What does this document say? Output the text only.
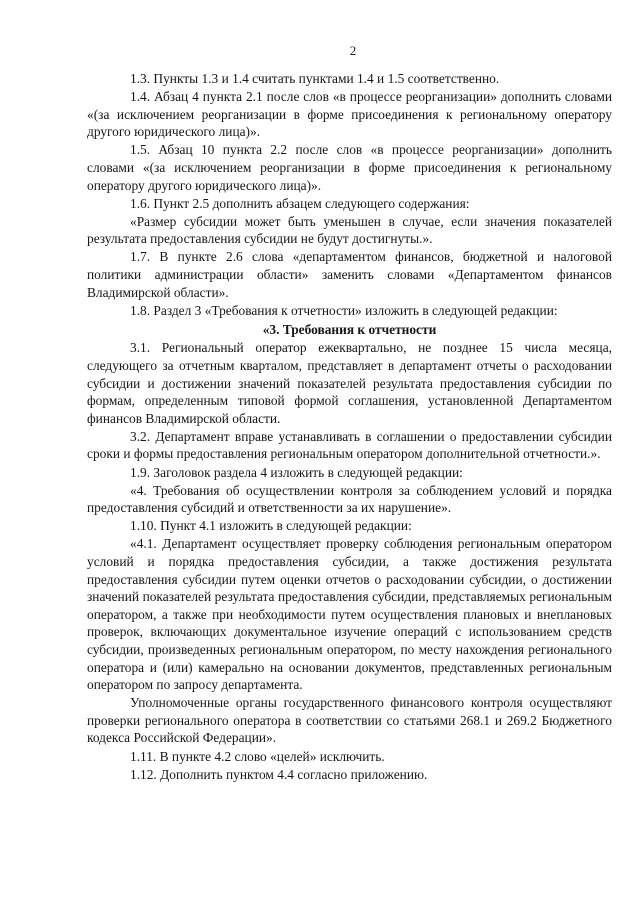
2

1.3. Пункты 1.3 и 1.4 считать пунктами 1.4 и 1.5 соответственно.

1.4. Абзац 4 пункта 2.1 после слов «в процессе реорганизации» дополнить словами «(за исключением реорганизации в форме присоединения к региональному оператору другого юридического лица)».

1.5. Абзац 10 пункта 2.2 после слов «в процессе реорганизации» дополнить словами «(за исключением реорганизации в форме присоединения к региональному оператору другого юридического лица)».

1.6. Пункт 2.5 дополнить абзацем следующего содержания:

«Размер субсидии может быть уменьшен в случае, если значения показателей результата предоставления субсидии не будут достигнуты.».

1.7. В пункте 2.6 слова «департаментом финансов, бюджетной и налоговой политики администрации области» заменить словами «Департаментом финансов Владимирской области».

1.8. Раздел 3 «Требования к отчетности» изложить в следующей редакции:

«3. Требования к отчетности

3.1. Региональный оператор ежеквартально, не позднее 15 числа месяца, следующего за отчетным кварталом, представляет в департамент отчеты о расходовании субсидии и достижении значений показателей результата предоставления субсидии по формам, определенным типовой формой соглашения, установленной Департаментом финансов Владимирской области.

3.2. Департамент вправе устанавливать в соглашении о предоставлении субсидии сроки и формы предоставления региональным оператором дополнительной отчетности.».

1.9. Заголовок раздела 4 изложить в следующей редакции:

«4. Требования об осуществлении контроля за соблюдением условий и порядка предоставления субсидий и ответственности за их нарушение».

1.10. Пункт 4.1 изложить в следующей редакции:

«4.1. Департамент осуществляет проверку соблюдения региональным оператором условий и порядка предоставления субсидии, а также достижения результата предоставления субсидии путем оценки отчетов о расходовании субсидии, о достижении значений показателей результата предоставления субсидии, представляемых региональным оператором, а также при необходимости путем осуществления плановых и внеплановых проверок, включающих документальное изучение операций с использованием средств субсидии, произведенных региональным оператором, по месту нахождения регионального оператора и (или) камерально на основании документов, представленных региональным оператором по запросу департамента.

Уполномоченные органы государственного финансового контроля осуществляют проверки регионального оператора в соответствии со статьями 268.1 и 269.2 Бюджетного кодекса Российской Федерации».

1.11. В пункте 4.2 слово «целей» исключить.

1.12. Дополнить пунктом 4.4 согласно приложению.
